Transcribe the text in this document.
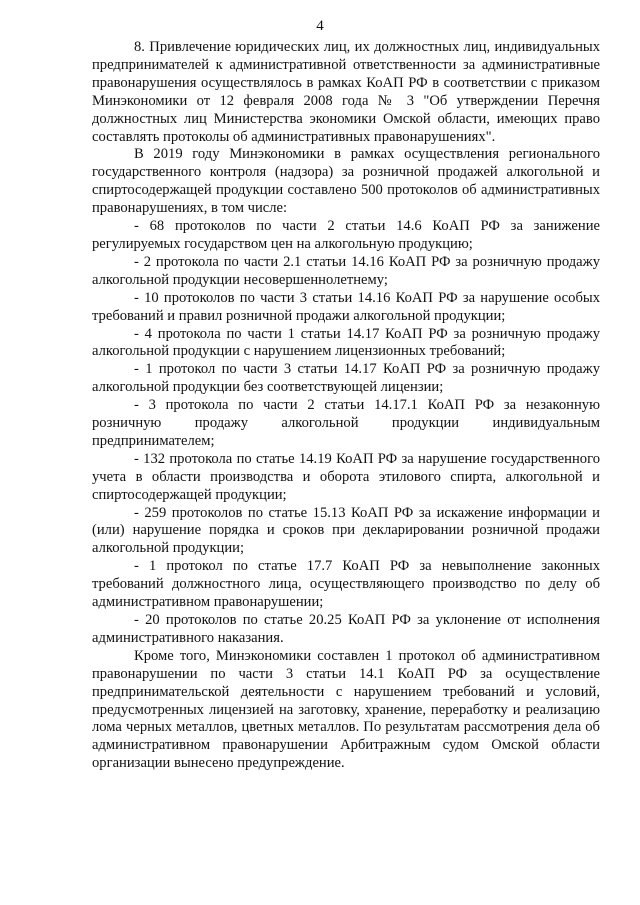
4

8. Привлечение юридических лиц, их должностных лиц, индивидуальных предпринимателей к административной ответственности за административные правонарушения осуществлялось в рамках КоАП РФ в соответствии с приказом Минэкономики от 12 февраля 2008 года № 3 "Об утверждении Перечня должностных лиц Министерства экономики Омской области, имеющих право составлять протоколы об административных правонарушениях".

В 2019 году Минэкономики в рамках осуществления регионального государственного контроля (надзора) за розничной продажей алкогольной и спиртосодержащей продукции составлено 500 протоколов об административных правонарушениях, в том числе:

- 68 протоколов по части 2 статьи 14.6 КоАП РФ за занижение регулируемых государством цен на алкогольную продукцию;

- 2 протокола по части 2.1 статьи 14.16 КоАП РФ за розничную продажу алкогольной продукции несовершеннолетнему;

- 10 протоколов по части 3 статьи 14.16 КоАП РФ за нарушение особых требований и правил розничной продажи алкогольной продукции;

- 4 протокола по части 1 статьи 14.17 КоАП РФ за розничную продажу алкогольной продукции с нарушением лицензионных требований;

- 1 протокол по части 3 статьи 14.17 КоАП РФ за розничную продажу алкогольной продукции без соответствующей лицензии;

- 3 протокола по части 2 статьи 14.17.1 КоАП РФ за незаконную розничную продажу алкогольной продукции индивидуальным предпринимателем;

- 132 протокола по статье 14.19 КоАП РФ за нарушение государственного учета в области производства и оборота этилового спирта, алкогольной и спиртосодержащей продукции;

- 259 протоколов по статье 15.13 КоАП РФ за искажение информации и (или) нарушение порядка и сроков при декларировании розничной продажи алкогольной продукции;

- 1 протокол по статье 17.7 КоАП РФ за невыполнение законных требований должностного лица, осуществляющего производство по делу об административном правонарушении;

- 20 протоколов по статье 20.25 КоАП РФ за уклонение от исполнения административного наказания.

Кроме того, Минэкономики составлен 1 протокол об административном правонарушении по части 3 статьи 14.1 КоАП РФ за осуществление предпринимательской деятельности с нарушением требований и условий, предусмотренных лицензией на заготовку, хранение, переработку и реализацию лома черных металлов, цветных металлов. По результатам рассмотрения дела об административном правонарушении Арбитражным судом Омской области организации вынесено предупреждение.
